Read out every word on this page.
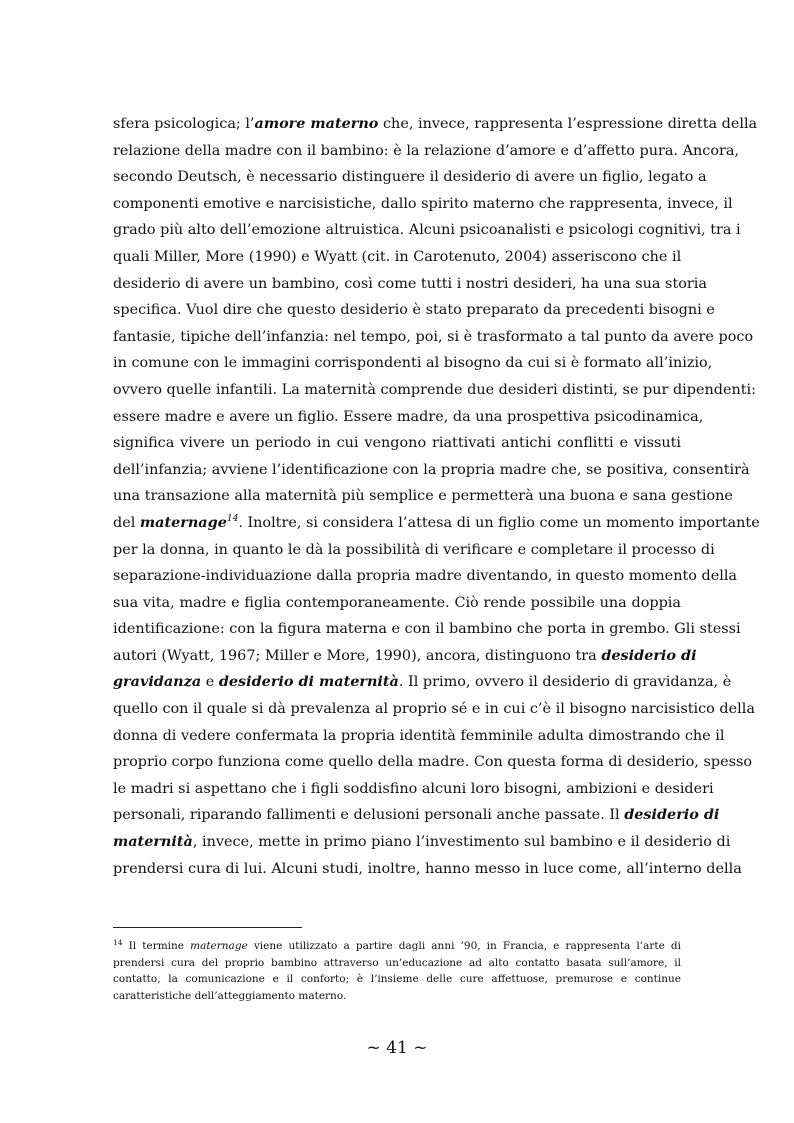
sfera psicologica; l’amore materno che, invece, rappresenta l’espressione diretta della
relazione della madre con il bambino: è la relazione d’amore e d’affetto pura. Ancora,
secondo Deutsch, è necessario distinguere il desiderio di avere un figlio, legato a
componenti emotive e narcisistiche, dallo spirito materno che rappresenta, invece, il
grado più alto dell’emozione altruistica. Alcuni psicoanalisti e psicologi cognitivi, tra i
quali Miller, More (1990) e Wyatt (cit. in Carotenuto, 2004) asseriscono che il
desiderio di avere un bambino, così come tutti i nostri desideri, ha una sua storia
specifica. Vuol dire che questo desiderio è stato preparato da precedenti bisogni e
fantasie, tipiche dell’infanzia: nel tempo, poi, si è trasformato a tal punto da avere poco
in comune con le immagini corrispondenti al bisogno da cui si è formato all’inizio,
ovvero quelle infantili. La maternità comprende due desideri distinti, se pur dipendenti:
essere madre e avere un figlio. Essere madre, da una prospettiva psicodinamica,
significa vivere un periodo in cui vengono riattivati antichi conflitti e vissuti
dell’infanzia; avviene l’identificazione con la propria madre che, se positiva, consentirà
una transazione alla maternità più semplice e permetterà una buona e sana gestione
del maternage$^{14}$. Inoltre, si considera l’attesa di un figlio come un momento importante
per la donna, in quanto le dà la possibilità di verificare e completare il processo di
separazione-individuazione dalla propria madre diventando, in questo momento della
sua vita, madre e figlia contemporaneamente. Ciò rende possibile una doppia
identificazione: con la figura materna e con il bambino che porta in grembo. Gli stessi
autori (Wyatt, 1967; Miller e More, 1990), ancora, distinguono tra desiderio di
gravidanza e desiderio di maternità. Il primo, ovvero il desiderio di gravidanza, è
quello con il quale si dà prevalenza al proprio sé e in cui c’è il bisogno narcisistico della
donna di vedere confermata la propria identità femminile adulta dimostrando che il
proprio corpo funziona come quello della madre. Con questa forma di desiderio, spesso
le madri si aspettano che i figli soddisfino alcuni loro bisogni, ambizioni e desideri
personali, riparando fallimenti e delusioni personali anche passate. Il desiderio di
maternità, invece, mette in primo piano l’investimento sul bambino e il desiderio di
prendersi cura di lui. Alcuni studi, inoltre, hanno messo in luce come, all’interno della
$^{14}$ Il termine maternage viene utilizzato a partire dagli anni ’90, in Francia, e rappresenta l’arte di
prendersi cura del proprio bambino attraverso un’educazione ad alto contatto basata sull’amore, il
contatto, la comunicazione e il conforto; è l’insieme delle cure affettuose, premurose e continue
caratteristiche dell’atteggiamento materno.
~ 41 ~
